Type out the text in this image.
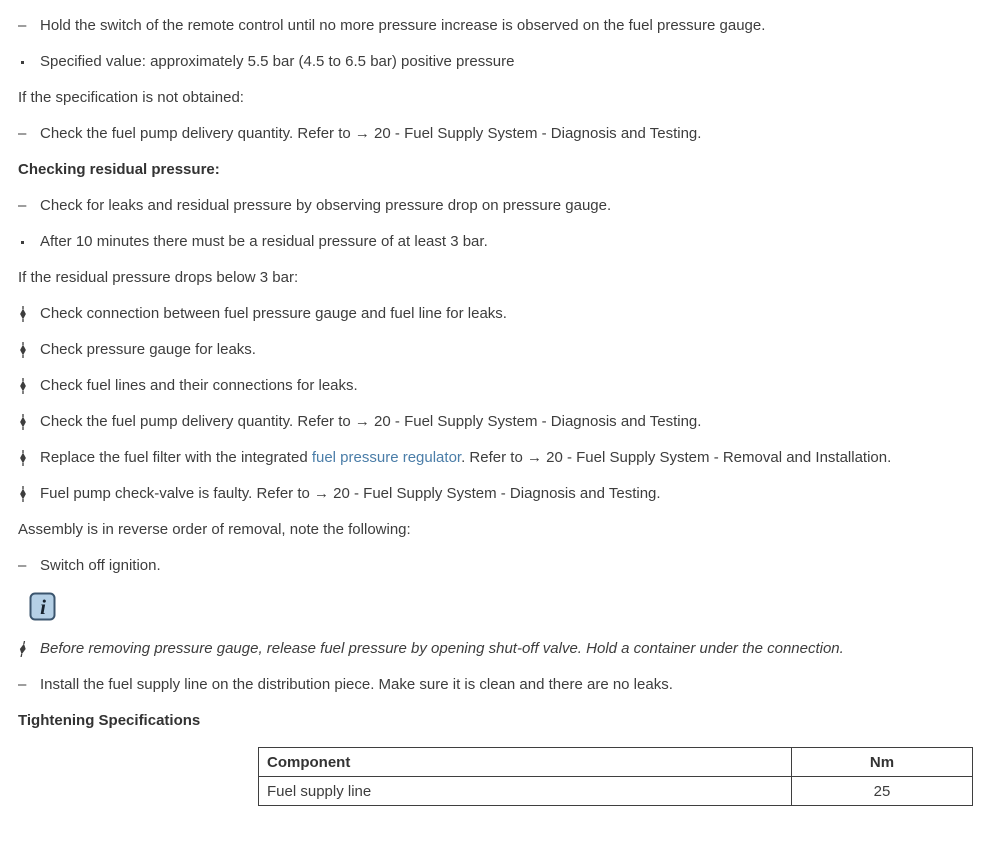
– Hold the switch of the remote control until no more pressure increase is observed on the fuel pressure gauge.
Specified value: approximately 5.5 bar (4.5 to 6.5 bar) positive pressure
If the specification is not obtained:
– Check the fuel pump delivery quantity. Refer to → 20 - Fuel Supply System - Diagnosis and Testing.
Checking residual pressure:
– Check for leaks and residual pressure by observing pressure drop on pressure gauge.
After 10 minutes there must be a residual pressure of at least 3 bar.
If the residual pressure drops below 3 bar:
Check connection between fuel pressure gauge and fuel line for leaks.
Check pressure gauge for leaks.
Check fuel lines and their connections for leaks.
Check the fuel pump delivery quantity. Refer to → 20 - Fuel Supply System - Diagnosis and Testing.
Replace the fuel filter with the integrated fuel pressure regulator. Refer to → 20 - Fuel Supply System - Removal and Installation.
Fuel pump check-valve is faulty. Refer to → 20 - Fuel Supply System - Diagnosis and Testing.
Assembly is in reverse order of removal, note the following:
– Switch off ignition.
i
Before removing pressure gauge, release fuel pressure by opening shut-off valve. Hold a container under the connection.
– Install the fuel supply line on the distribution piece. Make sure it is clean and there are no leaks.
Tightening Specifications
Component	Nm
Fuel supply line	25
